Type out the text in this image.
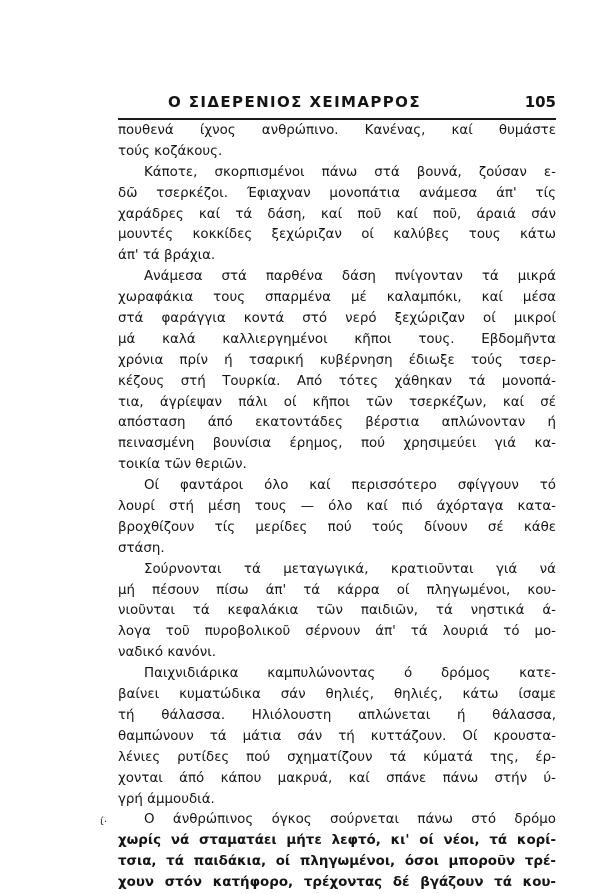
Ο ΣΙΔΕΡΕΝΙΟΣ ΧΕΙΜΑΡΡΟΣ	105
πουθενά ίχνος ανθρώπινο. Κανένας, καί θυμάστε
τούς κοζάκους.
Κάποτε, σκορπισμένοι πάνω στά βουνά, ζούσαν ε-
δῶ τσερκέζοι. Έφιαχναν μονοπάτια ανάμεσα άπ' τίς
χαράδρες καί τά δάση, καί ποῦ καί ποῦ, άραιά σάν
μουντές κοκκίδες ξεχώριζαν οί καλύβες τους κάτω
άπ' τά βράχια.
Ανάμεσα στά παρθένα δάση πνίγονταν τά μικρά
χωραφάκια τους σπαρμένα μέ καλαμπόκι, καί μέσα
στά φαράγγια κοντά στό νερό ξεχώριζαν οί μικροί
μά καλά καλλιεργημένοι κῆποι τους. Εβδομῆντα
χρόνια πρίν ή τσαρική κυβέρνηση έδιωξε τούς τσερ-
κέζους στή Τουρκία. Από τότες χάθηκαν τά μονοπά-
τια, άγρίεψαν πάλι οί κῆποι τῶν τσερκέζων, καί σέ
απόσταση άπό εκατοντάδες βέρστια απλώνονταν ή
πεινασμένη βουνίσια έρημος, πού χρησιμεύει γιά κα-
τοικία τῶν θεριῶν.
Οί φαντάροι όλο καί περισσότερο σφίγγουν τό
λουρί στή μέση τους — όλο καί πιό άχόρταγα κατα-
βροχθίζουν τίς μερίδες πού τούς δίνουν σέ κάθε
στάση.
Σούρνονται τά μεταγωγικά, κρατιοῦνται γιά νά
μή πέσουν πίσω άπ' τά κάρρα οί πληγωμένοι, κου-
νιοῦνται τά κεφαλάκια τῶν παιδιῶν, τά νηστικά ά-
λογα τοῦ πυροβολικοῦ σέρνουν άπ' τά λουριά τό μο-
ναδικό κανόνι.
Παιχνιδιάρικα καμπυλώνοντας ό δρόμος κατε-
βαίνει κυματώδικα σάν θηλιές, θηλιές, κάτω ίσαμε
τή θάλασσα. Ηλιόλουστη απλώνεται ή θάλασσα,
θαμπώνουν τά μάτια σάν τή κυττάζουν. Οί κρουστα-
λένιες ρυτίδες πού σχηματίζουν τά κύματά της, έρ-
χονται άπό κάπου μακρυά, καί σπάνε πάνω στήν ύ-
γρή άμμουδιά.
Ο άνθρώπινος όγκος σούρνεται πάνω στό δρόμο
χωρίς νά σταματάει μήτε λεφτό, κι' οί νέοι, τά κορί-
τσια, τά παιδάκια, οί πληγωμένοι, όσοι μποροῦν τρέ-
χουν στόν κατήφορο, τρέχοντας δέ βγάζουν τά κου-
ί·
